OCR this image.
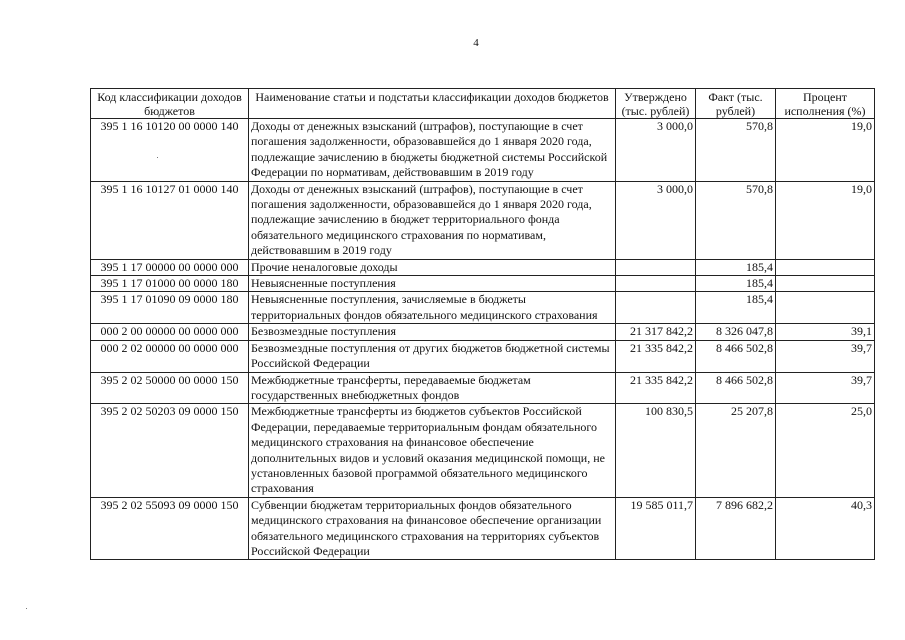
4
Код классификации доходов бюджетов	Наименование статьи и подстатьи классификации доходов бюджетов	Утверждено (тыс. рублей)	Факт (тыс. рублей)	Процент исполнения (%)
395 1 16 10120 00 0000 140	Доходы от денежных взысканий (штрафов), поступающие в счет погашения задолженности, образовавшейся до 1 января 2020 года, подлежащие зачислению в бюджеты бюджетной системы Российской Федерации по нормативам, действовавшим в 2019 году	3 000,0	570,8	19,0
395 1 16 10127 01 0000 140	Доходы от денежных взысканий (штрафов), поступающие в счет погашения задолженности, образовавшейся до 1 января 2020 года, подлежащие зачислению в бюджет территориального фонда обязательного медицинского страхования по нормативам, действовавшим в 2019 году	3 000,0	570,8	19,0
395 1 17 00000 00 0000 000	Прочие неналоговые доходы		185,4	
395 1 17 01000 00 0000 180	Невыясненные поступления		185,4	
395 1 17 01090 09 0000 180	Невыясненные поступления, зачисляемые в бюджеты территориальных фондов обязательного медицинского страхования		185,4	
000 2 00 00000 00 0000 000	Безвозмездные поступления	21 317 842,2	8 326 047,8	39,1
000 2 02 00000 00 0000 000	Безвозмездные поступления от других бюджетов бюджетной системы Российской Федерации	21 335 842,2	8 466 502,8	39,7
395 2 02 50000 00 0000 150	Межбюджетные трансферты, передаваемые бюджетам государственных внебюджетных фондов	21 335 842,2	8 466 502,8	39,7
395 2 02 50203 09 0000 150	Межбюджетные трансферты из бюджетов субъектов Российской Федерации, передаваемые территориальным фондам обязательного медицинского страхования на финансовое обеспечение дополнительных видов и условий оказания медицинской помощи, не установленных базовой программой обязательного медицинского страхования	100 830,5	25 207,8	25,0
395 2 02 55093 09 0000 150	Субвенции бюджетам территориальных фондов обязательного медицинского страхования на финансовое обеспечение организации обязательного медицинского страхования на территориях субъектов Российской Федерации	19 585 011,7	7 896 682,2	40,3
